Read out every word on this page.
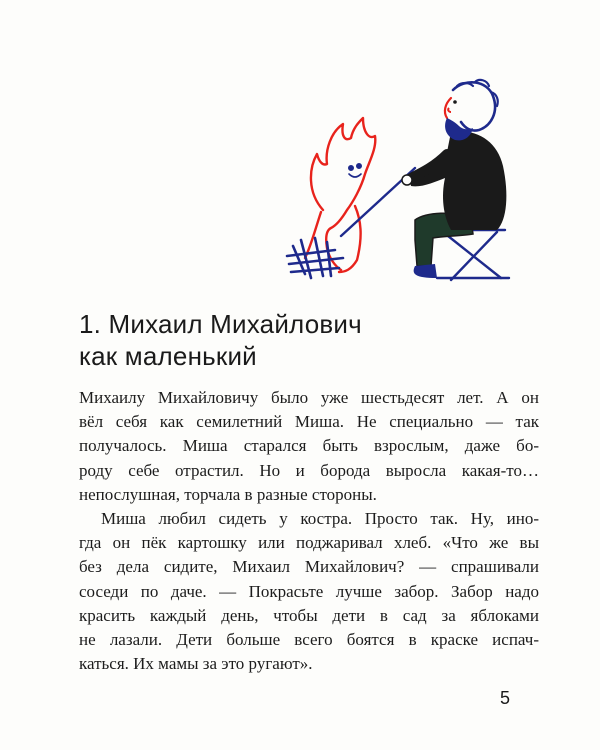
1. Михаил Михайлович
как маленький
Михаилу Михайловичу было уже шестьдесят лет. А он
вёл себя как семилетний Миша. Не специально — так
получалось. Миша старался быть взрослым, даже бо-
роду себе отрастил. Но и борода выросла какая-то…
непослушная, торчала в разные стороны.
Миша любил сидеть у костра. Просто так. Ну, ино-
гда он пёк картошку или поджаривал хлеб. «Что же вы
без дела сидите, Михаил Михайлович? — спрашивали
соседи по даче. — Покрасьте лучше забор. Забор надо
красить каждый день, чтобы дети в сад за яблоками
не лазали. Дети больше всего боятся в краске испач-
каться. Их мамы за это ругают».
5
